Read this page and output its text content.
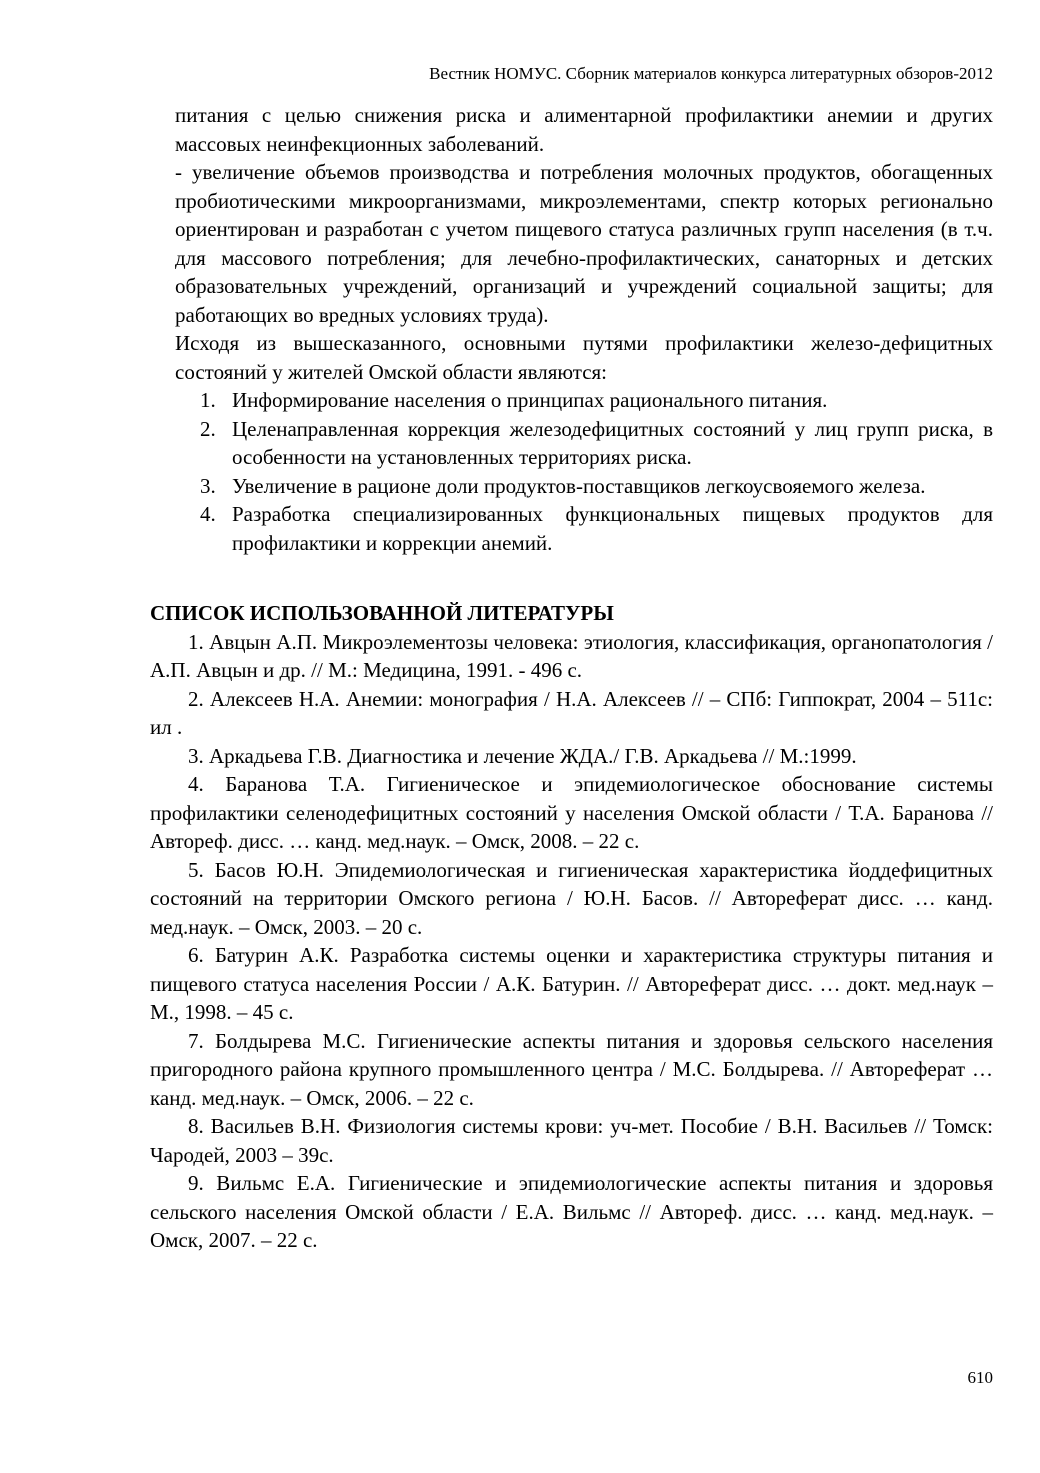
Вестник НОМУС. Сборник материалов конкурса литературных обзоров-2012

питания с целью снижения риска и алиментарной профилактики анемии и других массовых неинфекционных заболеваний.

- увеличение объемов производства и потребления молочных продуктов, обогащенных пробиотическими микроорганизмами, микроэлементами, спектр которых регионально ориентирован и разработан с учетом пищевого статуса различных групп населения (в т.ч. для массового потребления; для лечебно-профилактических, санаторных и детских образовательных учреждений, организаций и учреждений социальной защиты; для работающих во вредных условиях труда).

Исходя из вышесказанного, основными путями профилактики железо-дефицитных состояний у жителей Омской области являются:

1. Информирование населения о принципах рационального питания.
2. Целенаправленная коррекция железодефицитных состояний у лиц групп риска, в особенности на установленных территориях риска.
3. Увеличение в рационе доли продуктов-поставщиков легкоусвояемого железа.
4. Разработка специализированных функциональных пищевых продуктов для профилактики и коррекции анемий.
СПИСОК ИСПОЛЬЗОВАННОЙ ЛИТЕРАТУРЫ

1. Авцын А.П. Микроэлементозы человека: этиология, классификация, органопатология / А.П. Авцын и др. // М.: Медицина, 1991. - 496 с.

2. Алексеев Н.А. Анемии: монография / Н.А. Алексеев // – СПб: Гиппократ, 2004 – 511с: ил .

3. Аркадьева Г.В. Диагностика и лечение ЖДА./ Г.В. Аркадьева // М.:1999.

4. Баранова Т.А. Гигиеническое и эпидемиологическое обоснование системы профилактики селенодефицитных состояний у населения Омской области / Т.А. Баранова // Автореф. дисс. … канд. мед.наук. – Омск, 2008. – 22 с.

5. Басов Ю.Н. Эпидемиологическая и гигиеническая характеристика йоддефицитных состояний на территории Омского региона / Ю.Н. Басов. // Автореферат дисс. … канд. мед.наук. – Омск, 2003. – 20 с.

6. Батурин А.К. Разработка системы оценки и характеристика структуры питания и пищевого статуса населения России / А.К. Батурин. // Автореферат дисс. … докт. мед.наук – М., 1998. – 45 с.

7. Болдырева М.С. Гигиенические аспекты питания и здоровья сельского населения пригородного района крупного промышленного центра / М.С. Болдырева. // Автореферат … канд. мед.наук. – Омск, 2006. – 22 с.

8. Васильев В.Н. Физиология системы крови: уч-мет. Пособие / В.Н. Васильев // Томск: Чародей, 2003 – 39с.

9. Вильмс Е.А. Гигиенические и эпидемиологические аспекты питания и здоровья сельского населения Омской области / Е.А. Вильмс // Автореф. дисс. … канд. мед.наук. – Омск, 2007. – 22 с.

610
